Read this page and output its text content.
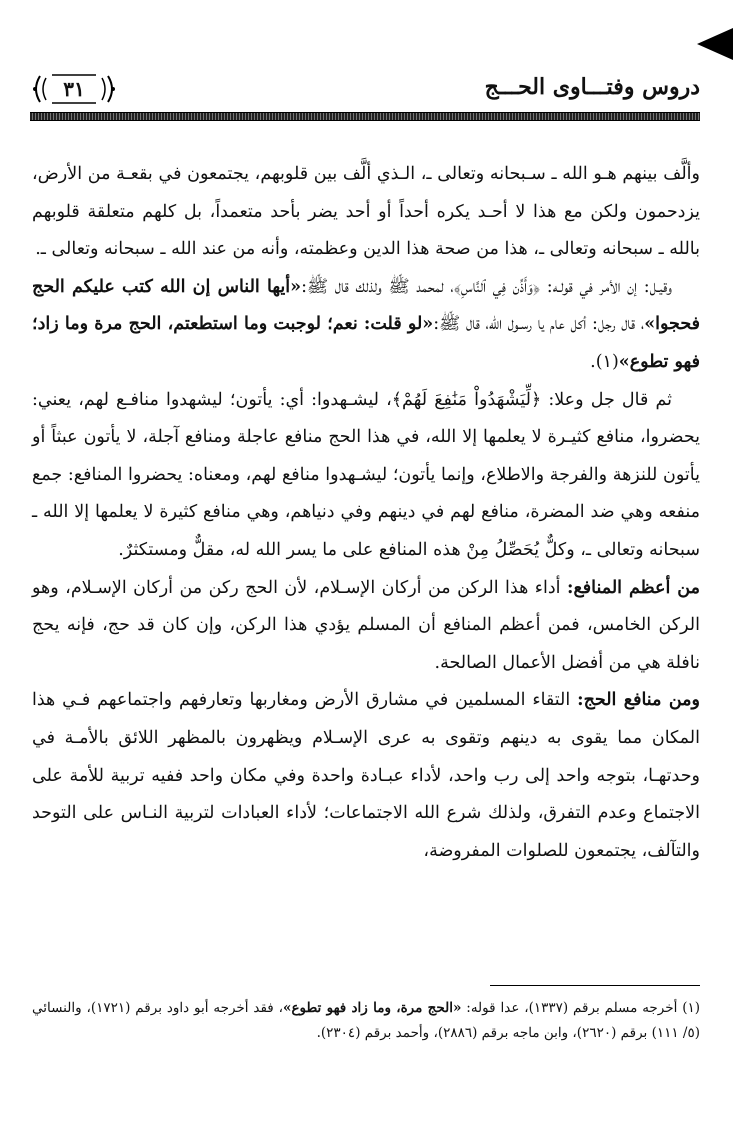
٣١	دروس وفتـــاوى الحـــج

وألَّف بينهم هـو الله ـ سـبحانه وتعالى ـ، الـذي ألَّف بين قلوبهم، يجتمعون في بقعـة من الأرض، يزدحمون ولكن مع هذا لا أحـد يكره أحداً أو أحد يضر بأحد متعمداً، بل كلهم متعلقة قلوبهم بالله ـ سبحانه وتعالى ـ، هذا من صحة هذا الدين وعظمته، وأنه من عند الله ـ سبحانه وتعالى ـ.

وقيـل: إن الأمر في قولـه: ﴿وَأَذِّن فِي ٱلنَّاسِ﴾، لمحمد ﷺ ولذلك قال ﷺ:«أيها الناس إن الله كتب عليكم الحج فحجوا»، قال رجل: أكل عام يا رسـول الله، قال ﷺ:«لو قلت: نعم؛ لوجبت وما استطعتم، الحج مرة وما زاد؛ فهو تطوع»(١).

ثم قال جل وعلا: ﴿لِّيَشْهَدُواْ مَنَٰفِعَ لَهُمْ﴾، ليشـهدوا: أي: يأتون؛ ليشهدوا منافـع لهم، يعني: يحضروا، منافع كثيـرة لا يعلمها إلا الله، في هذا الحج منافع عاجلة ومنافع آجلة، لا يأتون عبثاً أو يأتون للنزهة والفرجة والاطلاع، وإنما يأتون؛ ليشـهدوا منافع لهم، ومعناه: يحضروا المنافع: جمع منفعه وهي ضد المضرة، منافع لهم في دينهم وفي دنياهم، وهي منافع كثيرة لا يعلمها إلا الله ـ سبحانه وتعالى ـ، وكلٌّ يُحَصِّلُ مِنْ هذه المنافع على ما يسر الله له، مقلٌّ ومستكثرٌ.

من أعظم المنافع: أداء هذا الركن من أركان الإسـلام، لأن الحج ركن من أركان الإسـلام، وهو الركن الخامس، فمن أعظم المنافع أن المسلم يؤدي هذا الركن، وإن كان قد حج، فإنه يحج نافلة هي من أفضل الأعمال الصالحة.

ومن منافع الحج: التقاء المسلمين في مشارق الأرض ومغاربها وتعارفهم واجتماعهم فـي هذا المكان مما يقوى به دينهم وتقوى به عرى الإسـلام ويظهرون بالمظهر اللائق بالأمـة في وحدتهـا، بتوجه واحد إلى رب واحد، لأداء عبـادة واحدة وفي مكان واحد ففيه تربية للأمة على الاجتماع وعدم التفرق، ولذلك شرع الله الاجتماعات؛ لأداء العبادات لتربية النـاس على التوحد والتآلف، يجتمعون للصلوات المفروضة،

(١) أخرجه مسلم برقم (١٣٣٧)، عدا قوله: «الحج مرة، وما زاد فهو تطوع»، فقد أخرجه أبو داود برقم (١٧٢١)، والنسائي (٥/ ١١١) برقم (٢٦٢٠)، وابن ماجه برقم (٢٨٨٦)، وأحمد برقم (٢٣٠٤).
